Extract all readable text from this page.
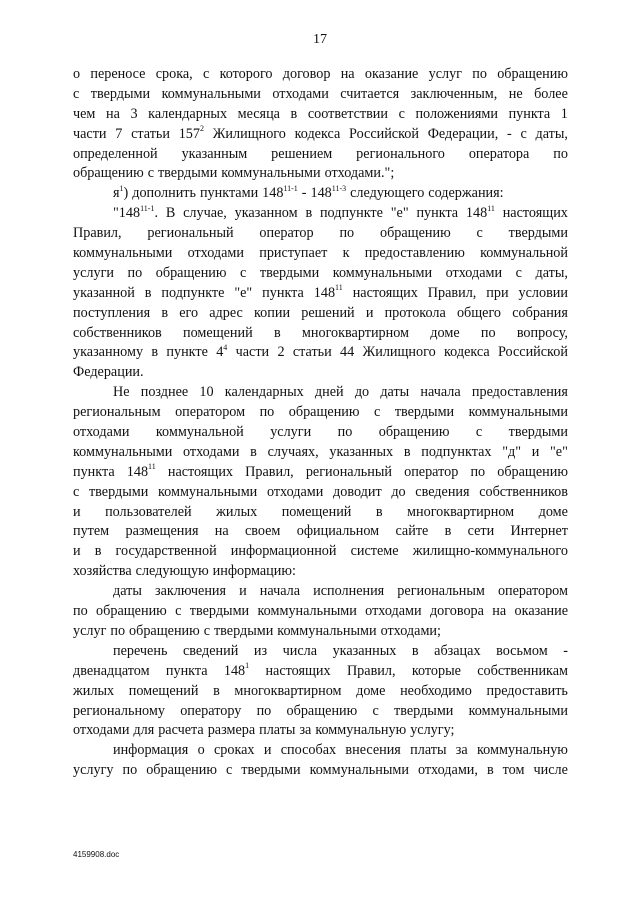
17
о переносе срока, с которого договор на оказание услуг по обращению
с твердыми коммунальными отходами считается заключенным, не более
чем на 3 календарных месяца в соответствии с положениями пункта 1
части 7 статьи $157^2$ Жилищного кодекса Российской Федерации, - с даты,
определенной указанным решением регионального оператора по
обращению с твердыми коммунальными отходами.";
$я^1$) дополнить пунктами 148$^{11-1}$ - 148$^{11-3}$ следующего содержания:
"148$^{11-1}$. В случае, указанном в подпункте "е" пункта $148^{11}$ настоящих
Правил, региональный оператор по обращению с твердыми
коммунальными отходами приступает к предоставлению коммунальной
услуги по обращению с твердыми коммунальными отходами с даты,
указанной в подпункте "е" пункта $148^{11}$ настоящих Правил, при условии
поступления в его адрес копии решений и протокола общего собрания
собственников помещений в многоквартирном доме по вопросу,
указанному в пункте $4^4$ части 2 статьи 44 Жилищного кодекса Российской
Федерации.
Не позднее 10 календарных дней до даты начала предоставления
региональным оператором по обращению с твердыми коммунальными
отходами коммунальной услуги по обращению с твердыми
коммунальными отходами в случаях, указанных в подпунктах "д" и "е"
пункта $148^{11}$ настоящих Правил, региональный оператор по обращению
с твердыми коммунальными отходами доводит до сведения собственников
и пользователей жилых помещений в многоквартирном доме
путем размещения на своем официальном сайте в сети Интернет
и в государственной информационной системе жилищно-коммунального
хозяйства следующую информацию:
даты заключения и начала исполнения региональным оператором
по обращению с твердыми коммунальными отходами договора на оказание
услуг по обращению с твердыми коммунальными отходами;
перечень сведений из числа указанных в абзацах восьмом -
двенадцатом пункта $148^1$ настоящих Правил, которые собственникам
жилых помещений в многоквартирном доме необходимо предоставить
региональному оператору по обращению с твердыми коммунальными
отходами для расчета размера платы за коммунальную услугу;
информация о сроках и способах внесения платы за коммунальную
услугу по обращению с твердыми коммунальными отходами, в том числе
4159908.doc
